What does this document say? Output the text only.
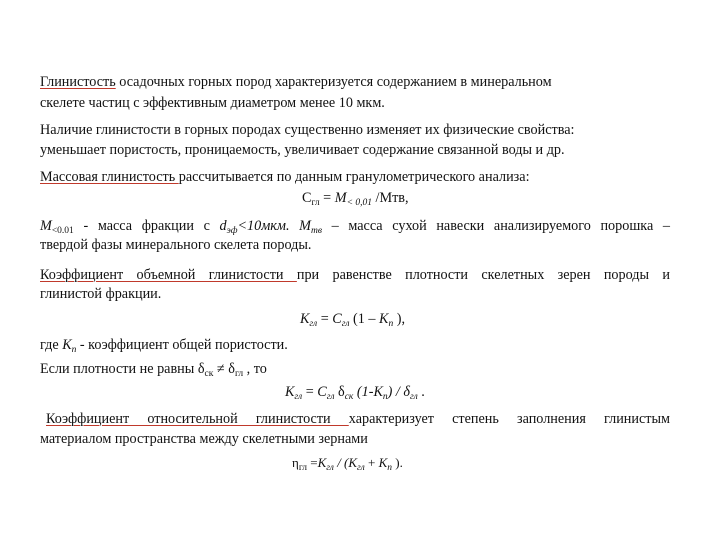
Глинистость осадочных горных пород характеризуется содержанием в минеральном
скелете частиц с эффективным диаметром менее 10 мкм.
Наличие глинистости в горных породах существенно изменяет их физические свойства:
уменьшает пористость, проницаемость, увеличивает содержание связанной воды и др.
Массовая глинистость рассчитывается по данным гранулометрического анализа:
$С_{гл} = М_{< 0,01}$ /Мтв,
$М_{<0.01}$ - масса фракции с $d_{эф}<10мкм$. $М_{тв}$ – масса сухой навески анализируемого порошка –
твердой фазы минерального скелета породы.
Коэффициент объемной глинистости при равенстве плотности скелетных зерен породы и
глинистой фракции.
$К_{гл} = С_{гл}$ ($1 - К_п$ ),
где $К_п$ - коэффициент общей пористости.
Если плотности не равны $\delta_{ск} \ne \delta_{гл}$ , то
$К_{гл} = С_{гл}$ $\delta_{ск}$ $(1-К_п) / \delta_{гл}$ .
Коэффициент относительной глинистости характеризует степень заполнения глинистым
материалом пространства между скелетными зернами
$\eta_{гл} =К_{гл} / (К_{гл} + К_п$ ).
